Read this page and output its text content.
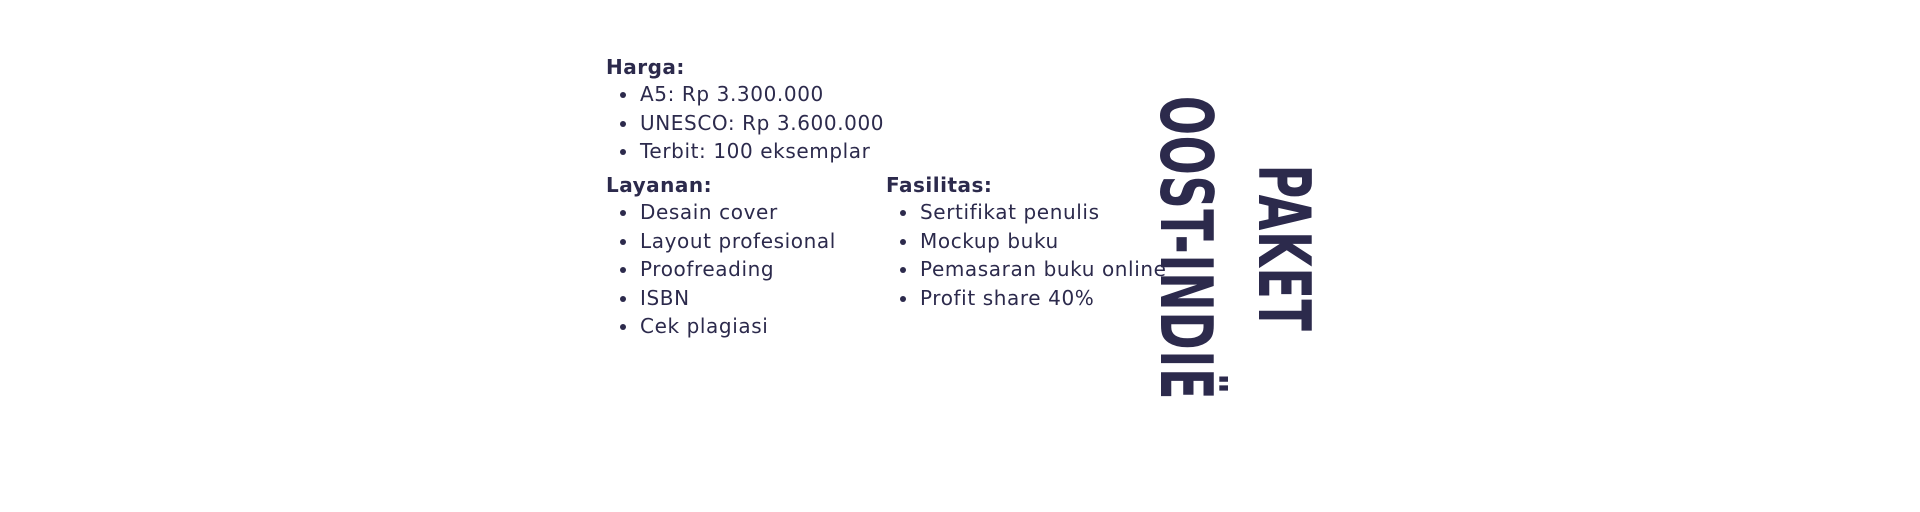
Harga:
A5: Rp 3.300.000
UNESCO: Rp 3.600.000
Terbit: 100 eksemplar
Layanan:
Desain cover
Layout profesional
Proofreading
ISBN
Cek plagiasi
Fasilitas:
Sertifikat penulis
Mockup buku
Pemasaran buku online
Profit share 40%	PAKET
OOST-INDIË
